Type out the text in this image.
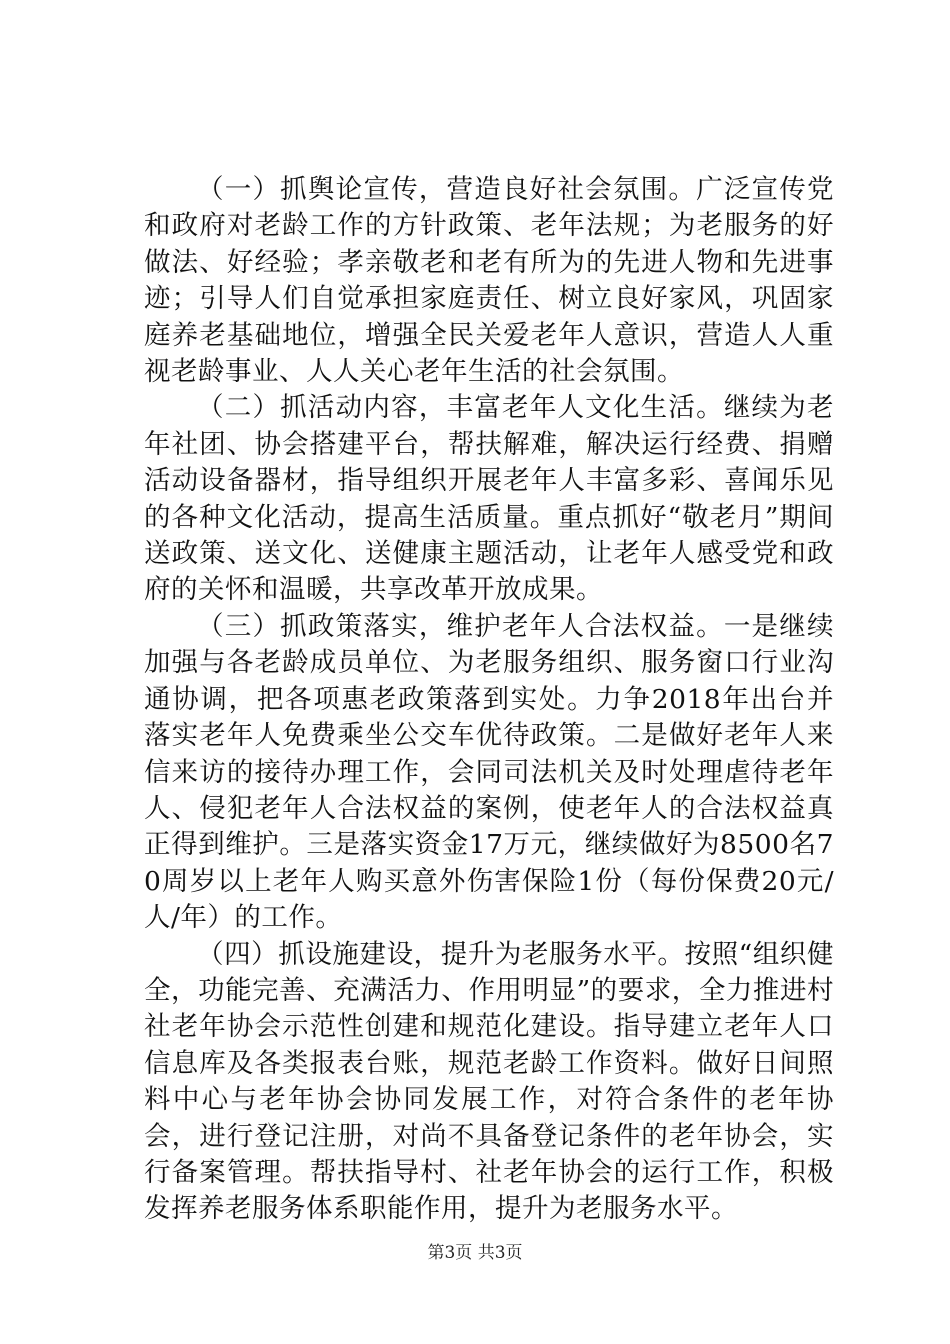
（一）抓舆论宣传，营造良好社会氛围。广泛宣传党和政府对老龄工作的方针政策、老年法规；为老服务的好做法、好经验；孝亲敬老和老有所为的先进人物和先进事迹；引导人们自觉承担家庭责任、树立良好家风，巩固家庭养老基础地位，增强全民关爱老年人意识，营造人人重视老龄事业、人人关心老年生活的社会氛围。

（二）抓活动内容，丰富老年人文化生活。继续为老年社团、协会搭建平台，帮扶解难，解决运行经费、捐赠活动设备器材，指导组织开展老年人丰富多彩、喜闻乐见的各种文化活动，提高生活质量。重点抓好“敬老月”期间送政策、送文化、送健康主题活动，让老年人感受党和政府的关怀和温暖，共享改革开放成果。

（三）抓政策落实，维护老年人合法权益。一是继续加强与各老龄成员单位、为老服务组织、服务窗口行业沟通协调，把各项惠老政策落到实处。力争2018年出台并落实老年人免费乘坐公交车优待政策。二是做好老年人来信来访的接待办理工作，会同司法机关及时处理虐待老年人、侵犯老年人合法权益的案例，使老年人的合法权益真正得到维护。三是落实资金17万元，继续做好为8500名70周岁以上老年人购买意外伤害保险1份（每份保费20元/人/年）的工作。

（四）抓设施建设，提升为老服务水平。按照“组织健全，功能完善、充满活力、作用明显”的要求，全力推进村社老年协会示范性创建和规范化建设。指导建立老年人口信息库及各类报表台账，规范老龄工作资料。做好日间照料中心与老年协会协同发展工作，对符合条件的老年协会，进行登记注册，对尚不具备登记条件的老年协会，实行备案管理。帮扶指导村、社老年协会的运行工作，积极发挥养老服务体系职能作用，提升为老服务水平。

第3页 共3页
